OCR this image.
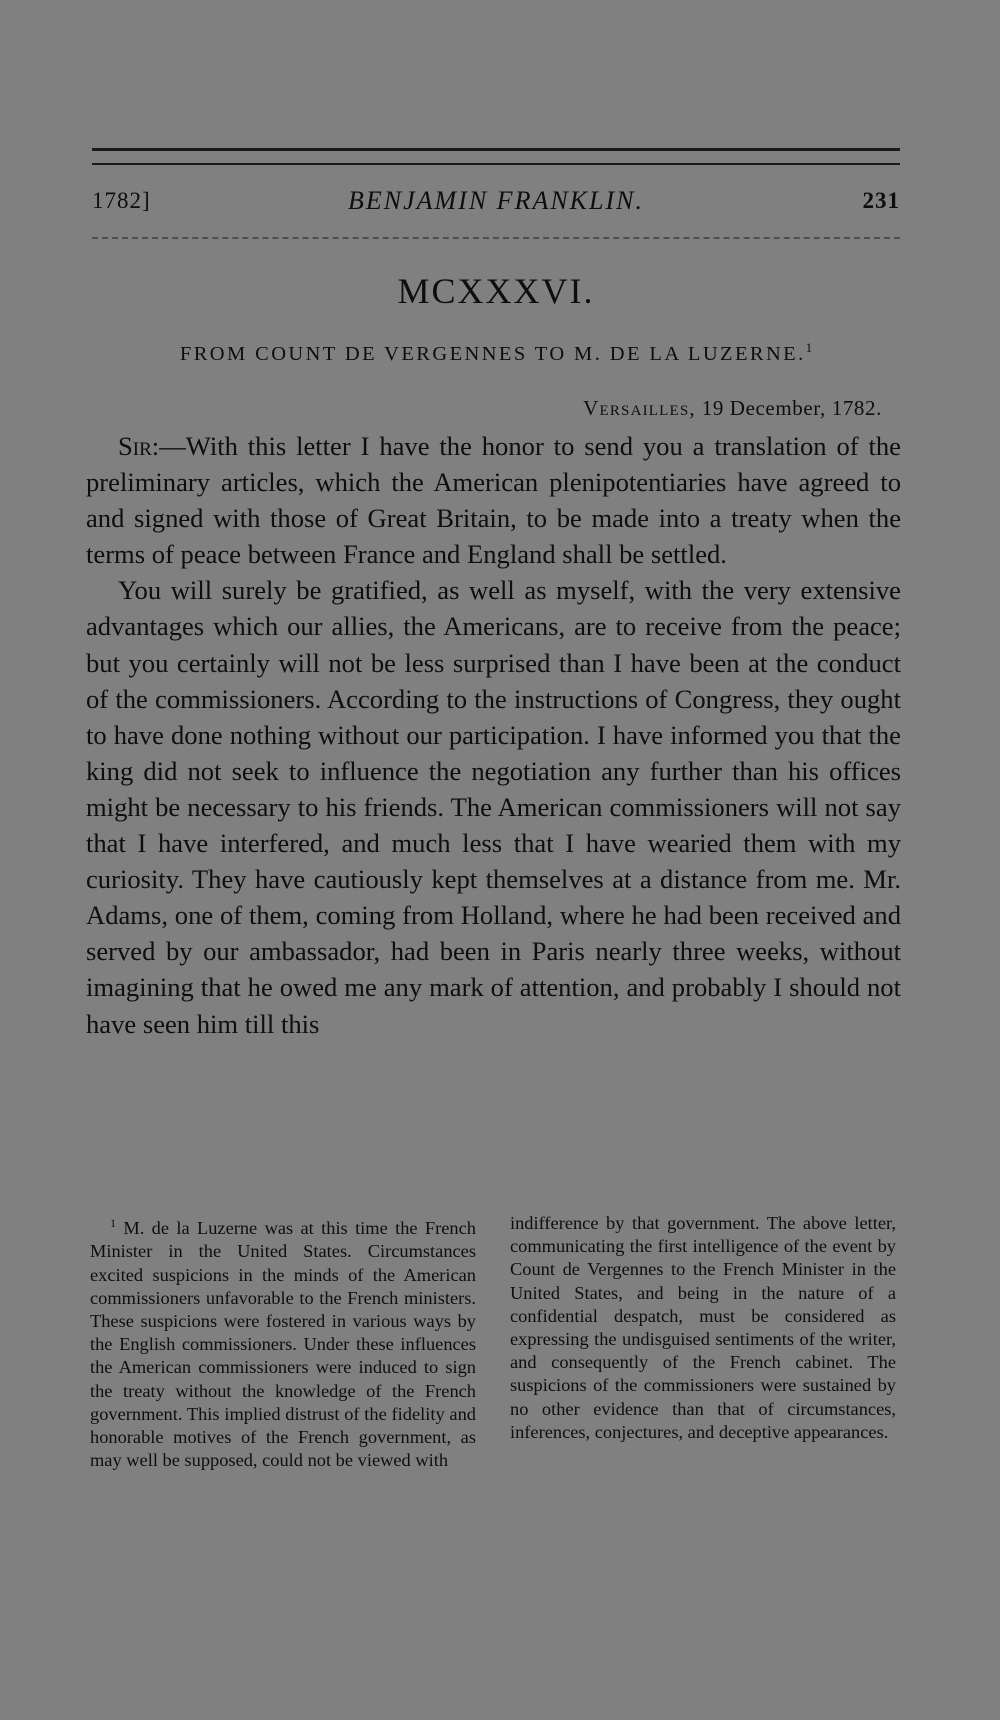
1782]	BENJAMIN FRANKLIN.	231
MCXXXVI.
FROM COUNT DE VERGENNES TO M. DE LA LUZERNE.$^1$
Versailles, 19 December, 1782.

Sir:—With this letter I have the honor to send you a translation of the preliminary articles, which the American plenipotentiaries have agreed to and signed with those of Great Britain, to be made into a treaty when the terms of peace between France and England shall be settled.

You will surely be gratified, as well as myself, with the very extensive advantages which our allies, the Americans, are to receive from the peace; but you certainly will not be less surprised than I have been at the conduct of the commissioners. According to the instructions of Congress, they ought to have done nothing without our participation. I have informed you that the king did not seek to influence the negotiation any further than his offices might be necessary to his friends. The American commissioners will not say that I have interfered, and much less that I have wearied them with my curiosity. They have cautiously kept themselves at a distance from me. Mr. Adams, one of them, coming from Holland, where he had been received and served by our ambassador, had been in Paris nearly three weeks, without imagining that he owed me any mark of attention, and probably I should not have seen him till this

$^1$ M. de la Luzerne was at this time the French Minister in the United States. Circumstances excited suspicions in the minds of the American commissioners unfavorable to the French ministers. These suspicions were fostered in various ways by the English commissioners. Under these influences the American commissioners were induced to sign the treaty without the knowledge of the French government. This implied distrust of the fidelity and honorable motives of the French government, as may well be supposed, could not be viewed with

indifference by that government. The above letter, communicating the first intelligence of the event by Count de Vergennes to the French Minister in the United States, and being in the nature of a confidential despatch, must be considered as expressing the undisguised sentiments of the writer, and consequently of the French cabinet. The suspicions of the commissioners were sustained by no other evidence than that of circumstances, inferences, conjectures, and deceptive appearances.
